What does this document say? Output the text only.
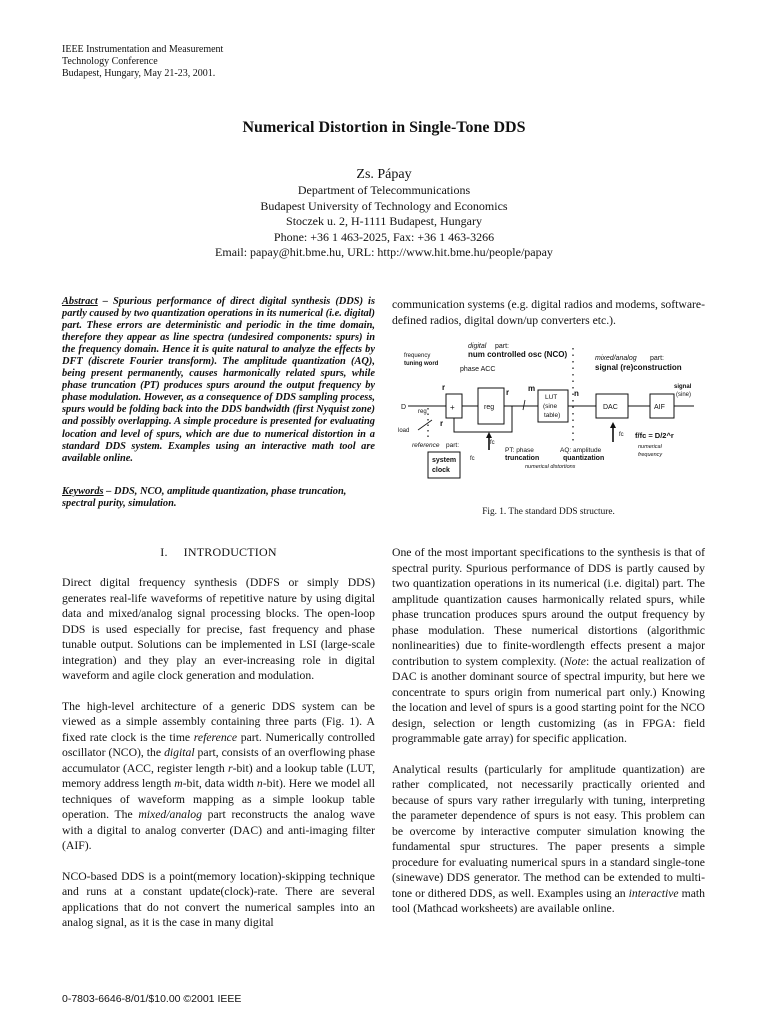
IEEE Instrumentation and Measurement
Technology Conference
Budapest, Hungary, May 21-23, 2001.
Numerical Distortion in Single-Tone DDS
Zs. Pápay
Department of Telecommunications
Budapest University of Technology and Economics
Stoczek u. 2, H-1111 Budapest, Hungary
Phone: +36 1 463-2025, Fax: +36 1 463-3266
Email: papay@hit.bme.hu, URL: http://www.hit.bme.hu/people/papay
Abstract – Spurious performance of direct digital synthesis (DDS) is partly caused by two quantization operations in its numerical (i.e. digital) part. These errors are deterministic and periodic in the time domain, therefore they appear as line spectra (undesired components: spurs) in the frequency domain. Hence it is quite natural to analyze the effects by DFT (discrete Fourier transform). The amplitude quantization (AQ), being present permanently, causes harmonically related spurs, while phase truncation (PT) produces spurs around the output frequency by phase modulation. However, as a consequence of DDS sampling process, spurs would be folding back into the DDS bandwidth (first Nyquist zone) and possibly overlapping. A simple procedure is presented for evaluating location and level of spurs, which are due to numerical distortion in a standard DDS system. Examples using an interactive math tool are available online.
Keywords – DDS, NCO, amplitude quantization, phase truncation, spectral purity, simulation.
I.     INTRODUCTION

Direct digital frequency synthesis (DDFS or simply DDS) generates real-life waveforms of repetitive nature by using digital data and mixed/analog signal processing blocks. The open-loop DDS is used especially for precise, fast frequency and phase tunable output. Solutions can be implemented in LSI (large-scale integration) and they play an ever-increasing role in digital waveform and agile clock generation and modulation.

The high-level architecture of a generic DDS system can be viewed as a simple assembly containing three parts (Fig. 1). A fixed rate clock is the time reference part. Numerically controlled oscillator (NCO), the digital part, consists of an overflowing phase accumulator (ACC, register length r-bit) and a lookup table (LUT, memory address length m-bit, data width n-bit). Here we model all techniques of waveform mapping as a simple lookup table operation. The mixed/analog part reconstructs the analog wave with a digital to analog converter (DAC) and anti-imaging filter (AIF).

NCO-based DDS is a point(memory location)-skipping technique and runs at a constant update(clock)-rate. There are several applications that do not convert the numerical samples into an analog signal, as it is the case in many digital

communication systems (e.g. digital radios and modems, software-defined radios, digital down/up converters etc.).
digital part:
num controlled osc (NCO)	mixed/analog part:
signal (re)construction
frequency
tuning word
phase ACC
D
reg
load
r
r
+	reg
r m
LUT
(sine
table)
n
DAC	AIF
signal
(sine)
fc
fc f/fc = D/2^r
numerical
frequency
reference part:
system
clock
fc
PT: phase
truncation
AQ: amplitude
quantization
numerical distortions
Fig. 1. The standard DDS structure.

One of the most important specifications to the synthesis is that of spectral purity. Spurious performance of DDS is partly caused by two quantization operations in its numerical (i.e. digital) part. The amplitude quantization causes harmonically related spurs, while phase truncation produces spurs around the output frequency by phase modulation. These numerical distortions (algorithmic nonlinearities) due to finite-wordlength effects present a major contribution to system complexity. (Note: the actual realization of DAC is another dominant source of spectral impurity, but here we concentrate to spurs origin from numerical part only.) Knowing the location and level of spurs is a good starting point for the NCO design, selection or length customizing (as in FPGA: field programmable gate array) for specific application.

Analytical results (particularly for amplitude quantization) are rather complicated, not necessarily practically oriented and because of spurs vary rather irregularly with tuning, interpreting the parameter dependence of spurs is not easy. This problem can be overcome by interactive computer simulation knowing the fundamental spur structures. The paper presents a simple procedure for evaluating numerical spurs in a standard single-tone (sinewave) DDS generator. The method can be extended to multi-tone or dithered DDS, as well. Examples using an interactive math tool (Mathcad worksheets) are available online.

0-7803-6646-8/01/$10.00 ©2001 IEEE
